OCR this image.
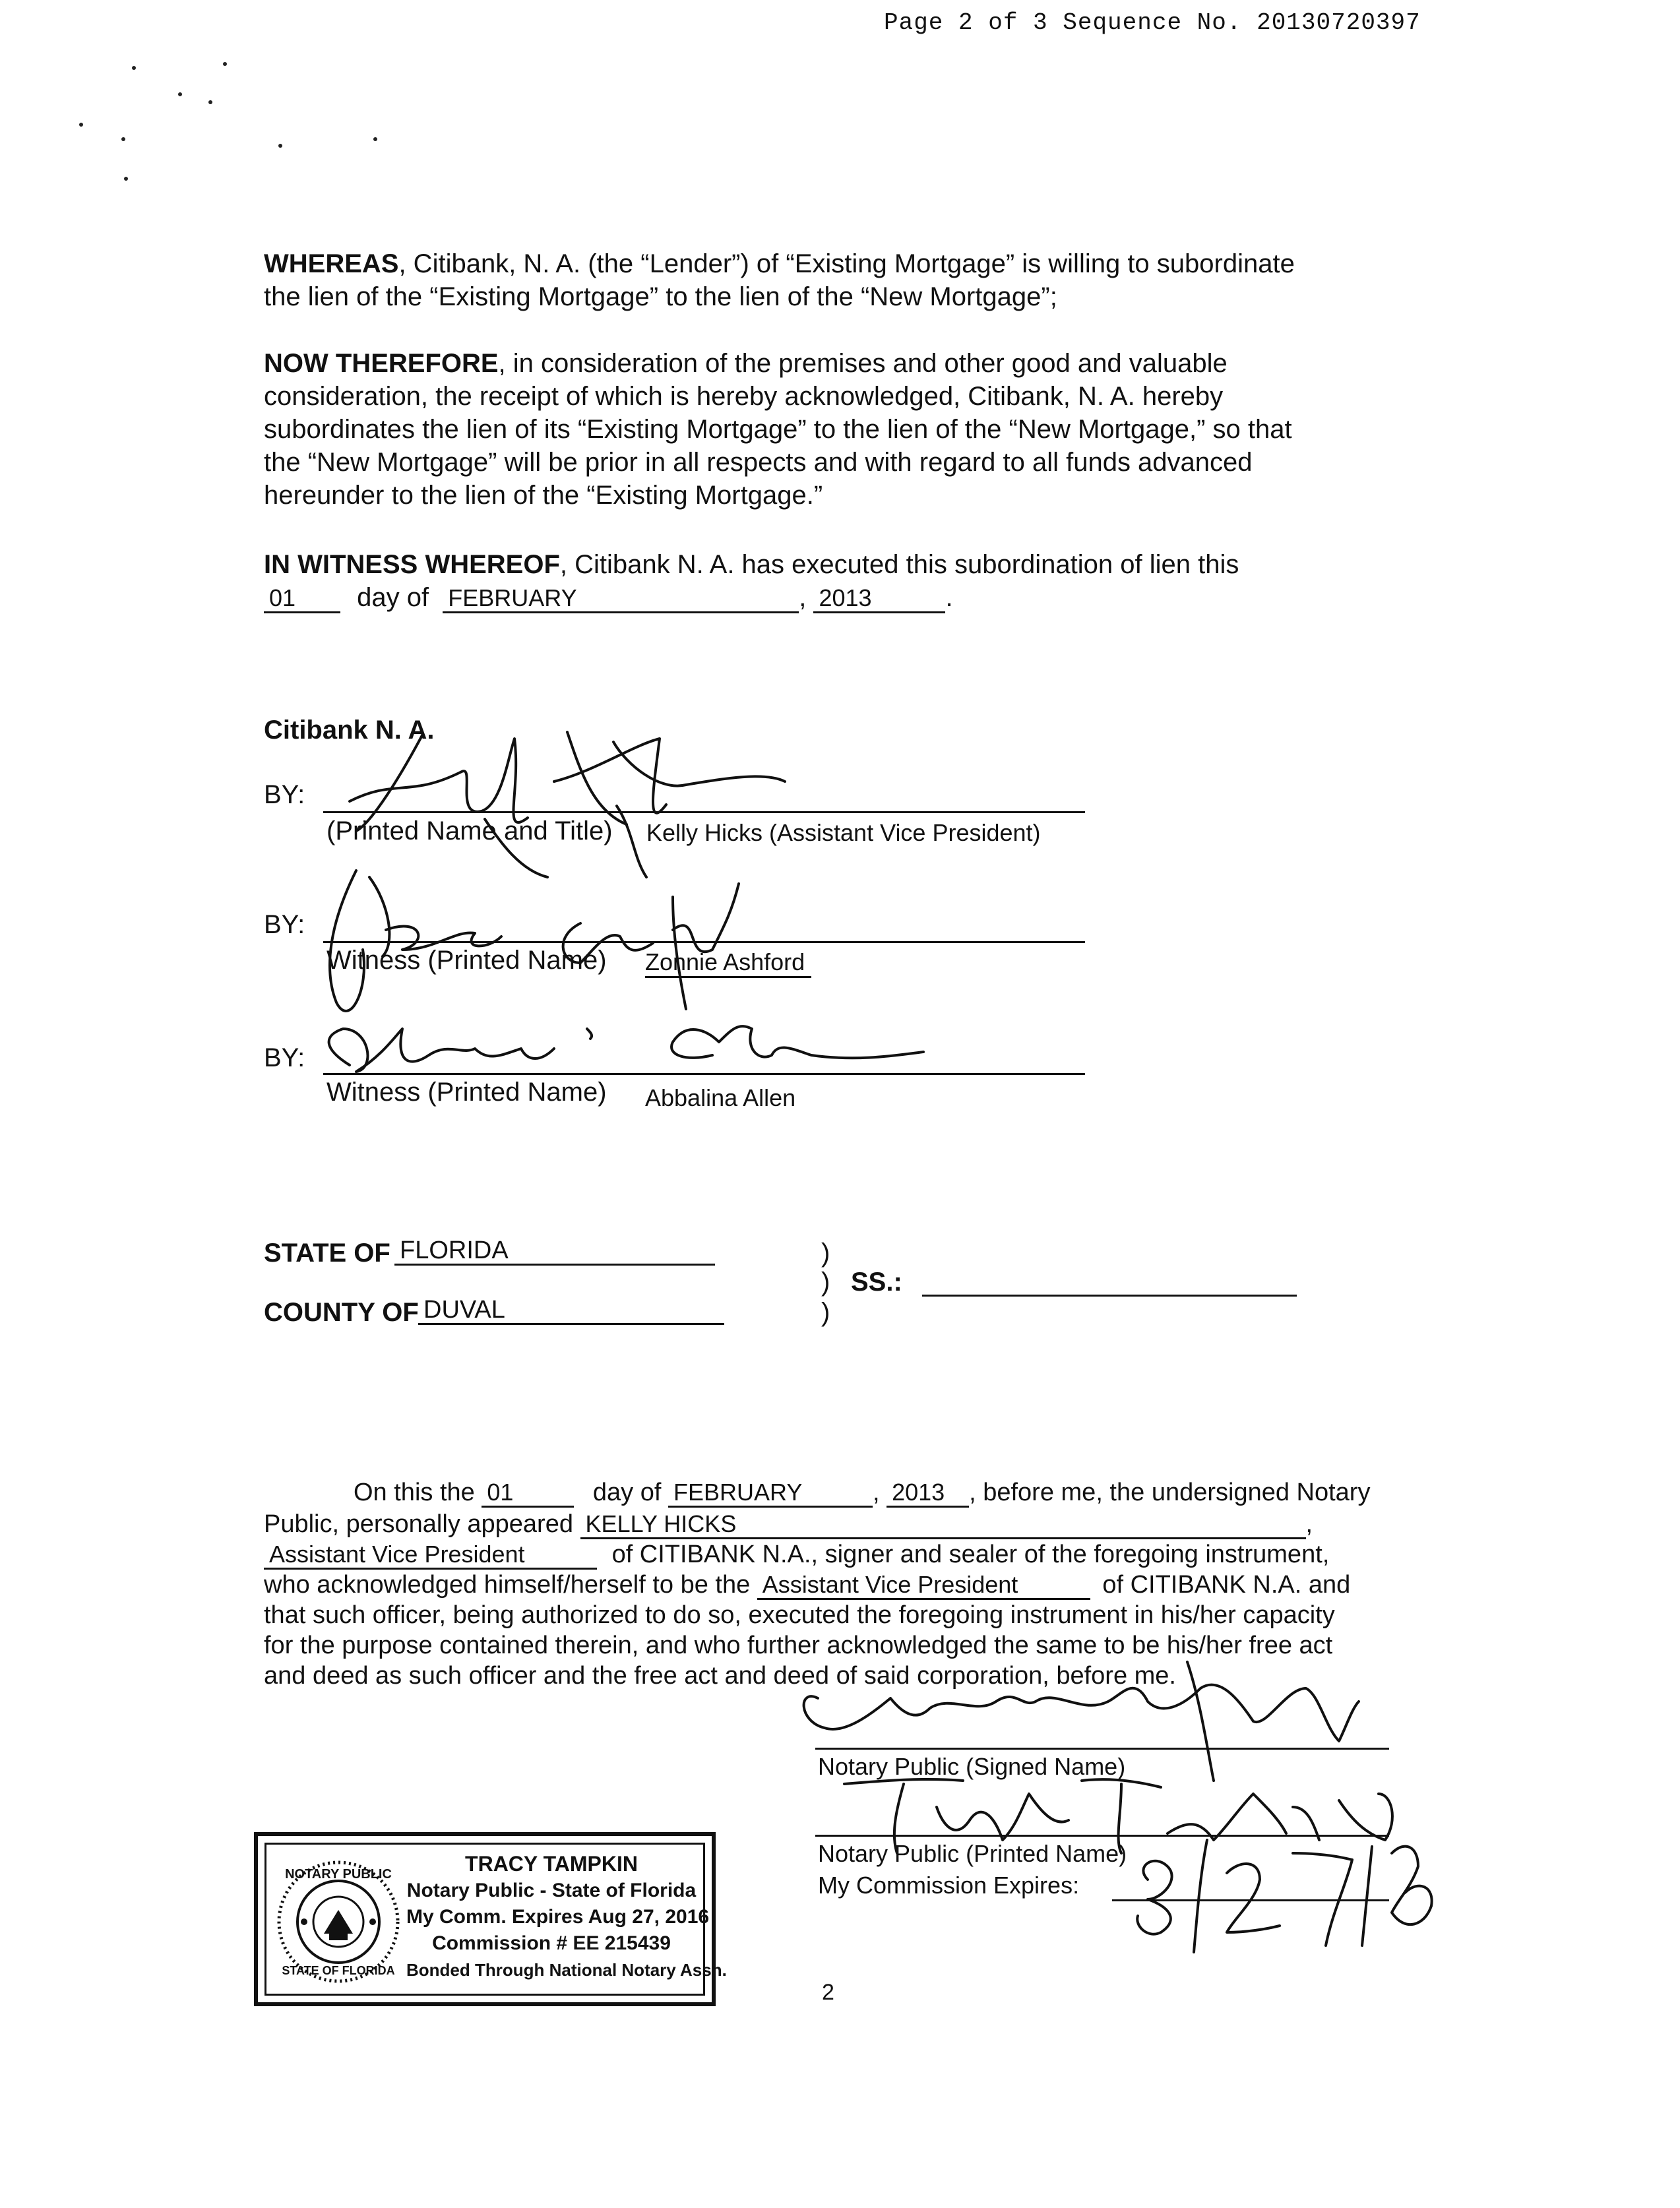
Page 2 of 3 Sequence No. 20130720397
WHEREAS, Citibank, N. A. (the “Lender”) of “Existing Mortgage” is willing to subordinate
the lien of the “Existing Mortgage” to the lien of the “New Mortgage”;
NOW THEREFORE, in consideration of the premises and other good and valuable
consideration, the receipt of which is hereby acknowledged, Citibank, N. A. hereby
subordinates the lien of its “Existing Mortgage” to the lien of the “New Mortgage,” so that
the “New Mortgage” will be prior in all respects and with regard to all funds advanced
hereunder to the lien of the “Existing Mortgage.”
IN WITNESS WHEREOF, Citibank N. A. has executed this subordination of lien this
01 day of FEBRUARY	, 2013	.
Citibank N. A.
BY:
(Printed Name and Title) Kelly Hicks (Assistant Vice President)
BY:
Witness (Printed Name) Zonnie Ashford
BY:
Witness (Printed Name) Abbalina Allen
STATE OF FLORIDA
COUNTY OF DUVAL
)
)
)
SS.:
On this the 01	day of FEBRUARY	, 2013 , before me, the undersigned Notary
Public, personally appeared KELLY HICKS	,
Assistant Vice President	of CITIBANK N.A., signer and sealer of the foregoing instrument,
who acknowledged himself/herself to be the Assistant Vice President	of CITIBANK N.A. and
that such officer, being authorized to do so, executed the foregoing instrument in his/her capacity
for the purpose contained therein, and who further acknowledged the same to be his/her free act
and deed as such officer and the free act and deed of said corporation, before me.
Notary Public (Signed Name)
Notary Public (Printed Name)
My Commission Expires:
NOTARY PUBLIC
STATE OF FLORIDA
TRACY TAMPKIN
Notary Public - State of Florida
My Comm. Expires Aug 27, 2016
Commission # EE 215439
Bonded Through National Notary Assn.
2
